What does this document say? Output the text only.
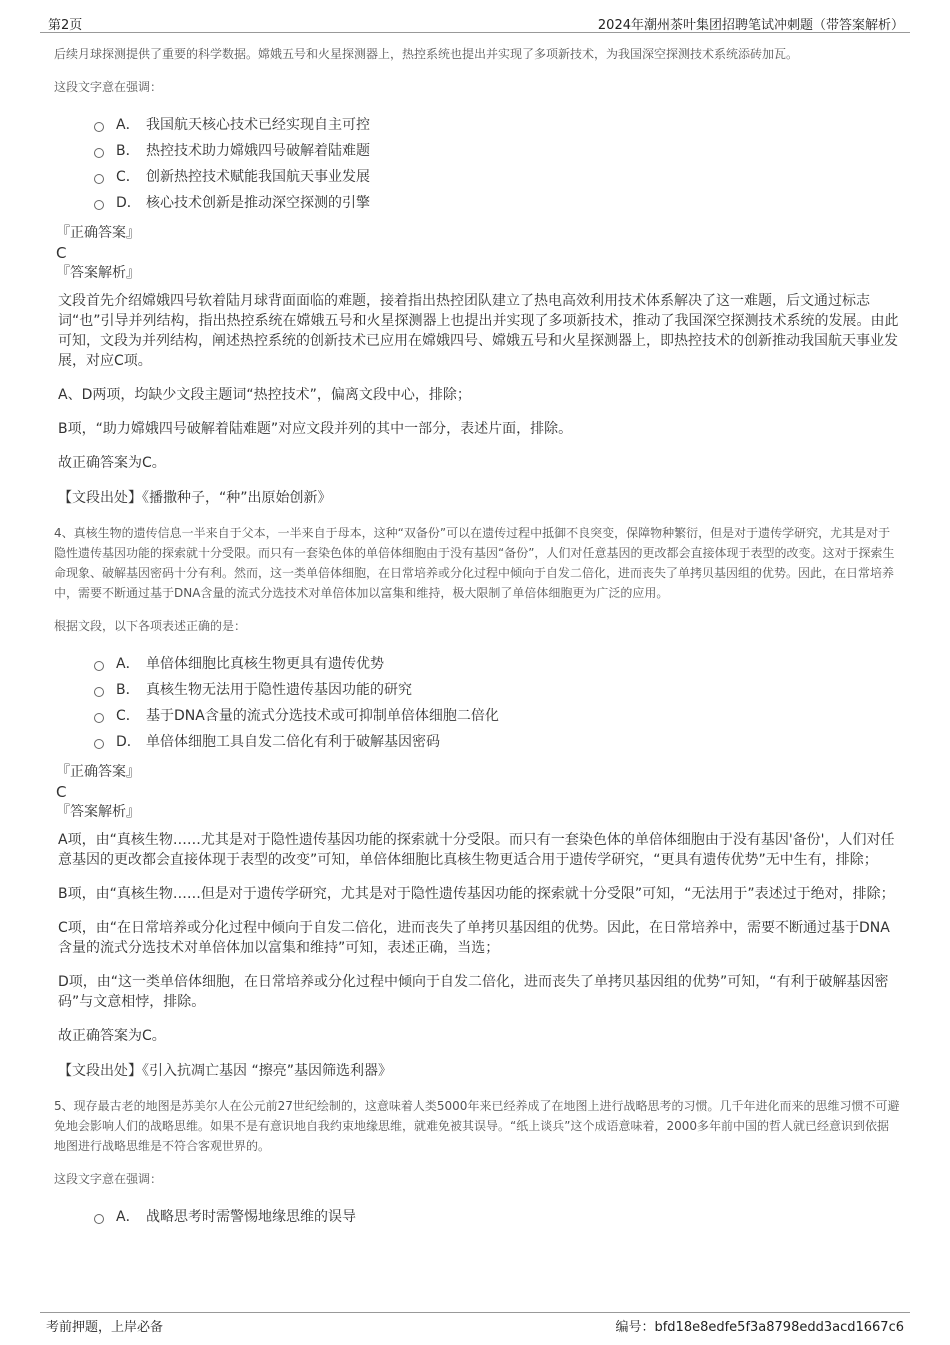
第2页	2024年潮州茶叶集团招聘笔试冲刺题（带答案解析）
后续月球探测提供了重要的科学数据。嫦娥五号和火星探测器上，热控系统也提出并实现了多项新技术，为我国深空探测技术系统添砖加瓦。
这段文字意在强调：
A． 我国航天核心技术已经实现自主可控
B． 热控技术助力嫦娥四号破解着陆难题
C． 创新热控技术赋能我国航天事业发展
D． 核心技术创新是推动深空探测的引擎
『正确答案』
C
『答案解析』

文段首先介绍嫦娥四号软着陆月球背面面临的难题，接着指出热控团队建立了热电高效利用技术体系解决了这一难题，后文通过标志词“也”引导并列结构，指出热控系统在嫦娥五号和火星探测器上也提出并实现了多项新技术，推动了我国深空探测技术系统的发展。由此可知，文段为并列结构，阐述热控系统的创新技术已应用在嫦娥四号、嫦娥五号和火星探测器上，即热控技术的创新推动我国航天事业发展，对应C项。

A、D两项，均缺少文段主题词“热控技术”，偏离文段中心，排除；

B项，“助力嫦娥四号破解着陆难题”对应文段并列的其中一部分，表述片面，排除。

故正确答案为C。

【文段出处】《播撒种子，“种”出原始创新》
4、真核生物的遗传信息一半来自于父本，一半来自于母本，这种“双备份”可以在遗传过程中抵御不良突变，保障物种繁衍，但是对于遗传学研究，尤其是对于隐性遗传基因功能的探索就十分受限。而只有一套染色体的单倍体细胞由于没有基因“备份”，人们对任意基因的更改都会直接体现于表型的改变。这对于探索生命现象、破解基因密码十分有利。然而，这一类单倍体细胞，在日常培养或分化过程中倾向于自发二倍化，进而丧失了单拷贝基因组的优势。因此，在日常培养中，需要不断通过基于DNA含量的流式分选技术对单倍体加以富集和维持，极大限制了单倍体细胞更为广泛的应用。
根据文段，以下各项表述正确的是：
A． 单倍体细胞比真核生物更具有遗传优势
B． 真核生物无法用于隐性遗传基因功能的研究
C． 基于DNA含量的流式分选技术或可抑制单倍体细胞二倍化
D． 单倍体细胞工具自发二倍化有利于破解基因密码
『正确答案』
C
『答案解析』

A项，由“真核生物……尤其是对于隐性遗传基因功能的探索就十分受限。而只有一套染色体的单倍体细胞由于没有基因'备份'，人们对任意基因的更改都会直接体现于表型的改变”可知，单倍体细胞比真核生物更适合用于遗传学研究，“更具有遗传优势”无中生有，排除；

B项，由“真核生物……但是对于遗传学研究，尤其是对于隐性遗传基因功能的探索就十分受限”可知，“无法用于”表述过于绝对，排除；

C项，由“在日常培养或分化过程中倾向于自发二倍化，进而丧失了单拷贝基因组的优势。因此，在日常培养中，需要不断通过基于DNA含量的流式分选技术对单倍体加以富集和维持”可知，表述正确，当选；

D项，由“这一类单倍体细胞，在日常培养或分化过程中倾向于自发二倍化，进而丧失了单拷贝基因组的优势”可知，“有利于破解基因密码”与文意相悖，排除。

故正确答案为C。

【文段出处】《引入抗凋亡基因 “擦亮”基因筛选利器》
5、现存最古老的地图是苏美尔人在公元前27世纪绘制的，这意味着人类5000年来已经养成了在地图上进行战略思考的习惯。几千年进化而来的思维习惯不可避免地会影响人们的战略思维。如果不是有意识地自我约束地缘思维，就难免被其误导。“纸上谈兵”这个成语意味着，2000多年前中国的哲人就已经意识到依据地图进行战略思维是不符合客观世界的。
这段文字意在强调：
A． 战略思考时需警惕地缘思维的误导
考前押题，上岸必备	编号：bfd18e8edfe5f3a8798edd3acd1667c6
